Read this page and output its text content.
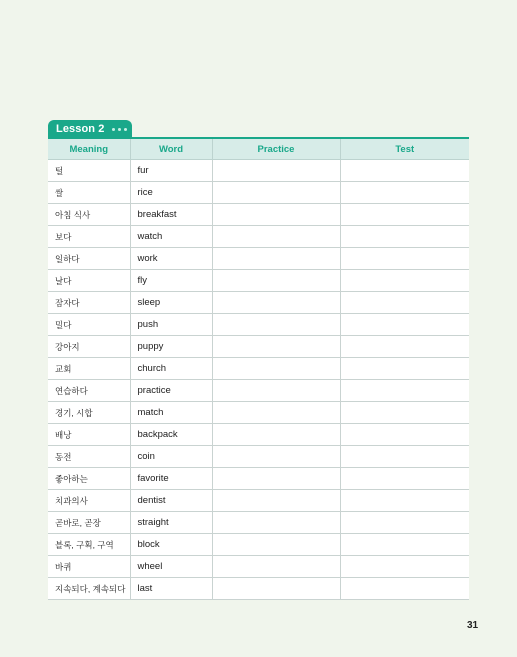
Lesson 2
Meaning	Word	Practice	Test
털	fur		
쌀	rice		
아침 식사	breakfast		
보다	watch		
일하다	work		
날다	fly		
잠자다	sleep		
밀다	push		
강아지	puppy		
교회	church		
연습하다	practice		
경기, 시합	match		
배낭	backpack		
동전	coin		
좋아하는	favorite		
치과의사	dentist		
곧바로, 곧장	straight		
블록, 구획, 구역	block		
바퀴	wheel		
지속되다, 계속되다	last		
31
